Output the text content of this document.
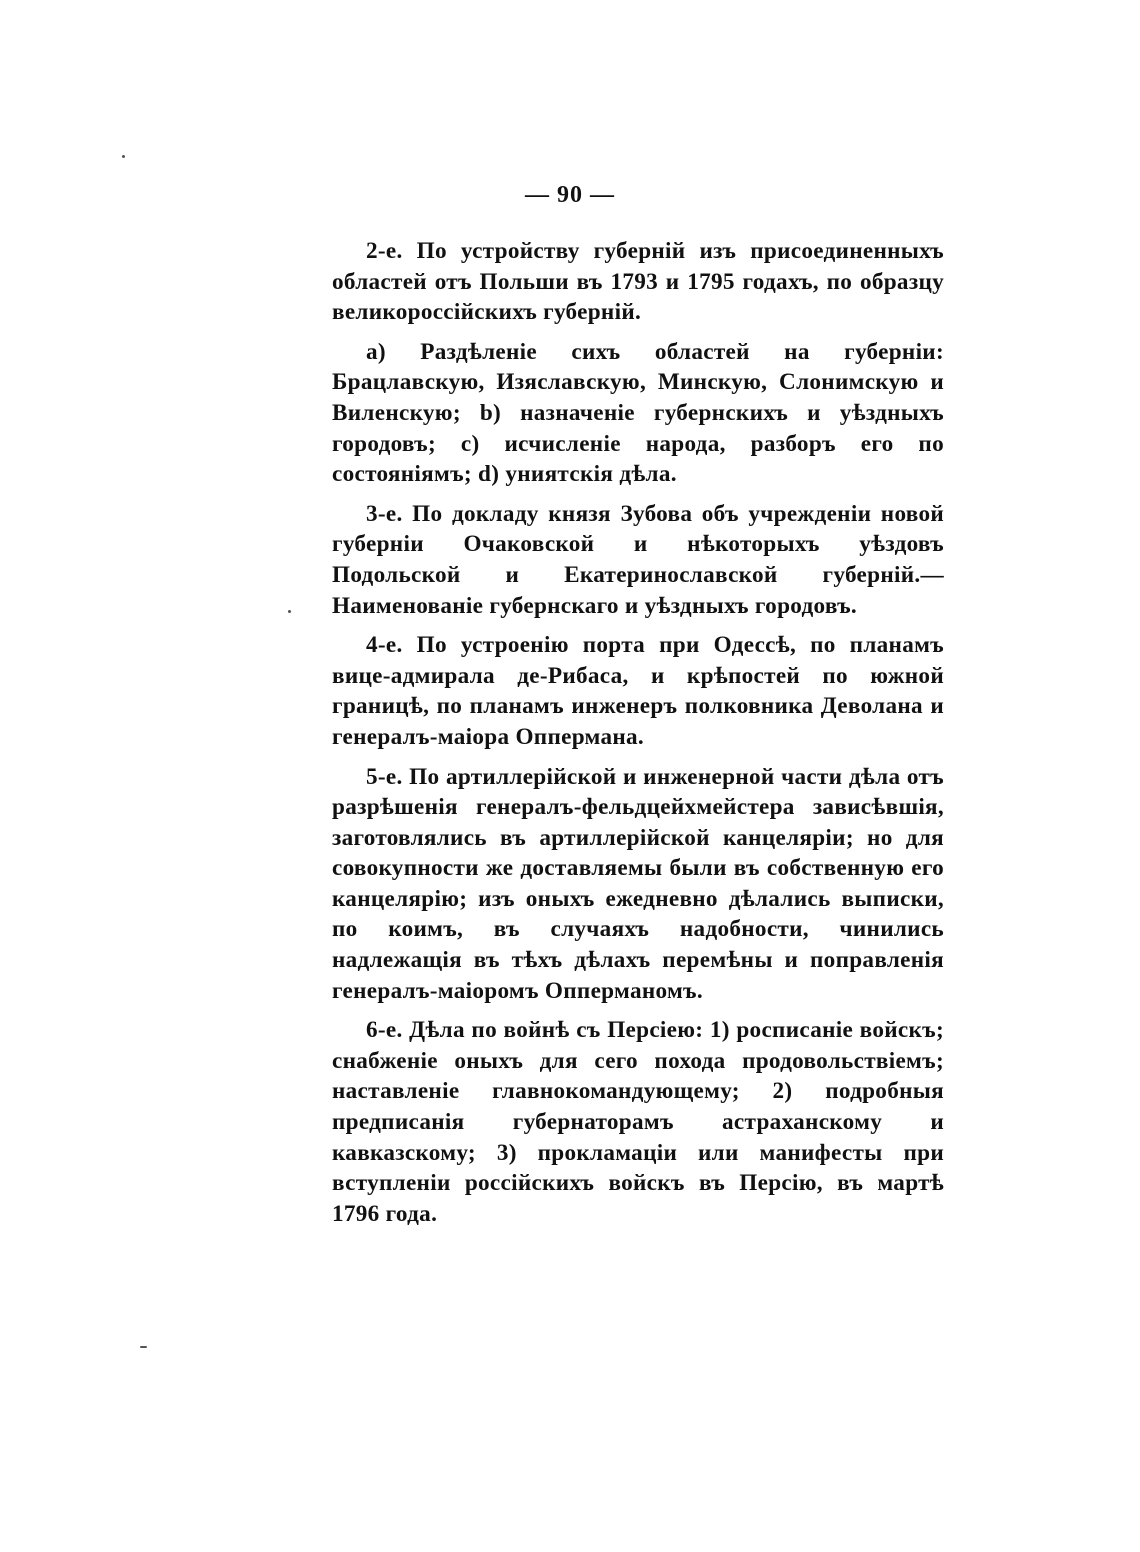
— 90 —

2-е. По устройству губерній изъ присоединенныхъ областей отъ Польши въ 1793 и 1795 годахъ, по образцу великороссійскихъ губерній.

а) Раздѣленіе сихъ областей на губерніи: Брацлавскую, Изяславскую, Минскую, Слонимскую и Виленскую; b) назначеніе губернскихъ и уѣздныхъ городовъ; с) исчисленіе народа, разборъ его по состояніямъ; d) униятскія дѣла.

3-е. По докладу князя Зубова объ учрежденіи новой губерніи Очаковской и нѣкоторыхъ уѣздовъ Подольской и Екатеринославской губерній.—Наименованіе губернскаго и уѣздныхъ городовъ.

4-е. По устроенію порта при Одессѣ, по планамъ вице-адмирала де-Рибаса, и крѣпостей по южной границѣ, по планамъ инженеръ полковника Деволана и генералъ-маіора Оппермана.

5-е. По артиллерійской и инженерной части дѣла отъ разрѣшенія генералъ-фельдцейхмейстера зависѣвшія, заготовлялись въ артиллерійской канцеляріи; но для совокупности же доставляемы были въ собственную его канцелярію; изъ оныхъ ежедневно дѣлались выписки, по коимъ, въ случаяхъ надобности, чинились надлежащія въ тѣхъ дѣлахъ перемѣны и поправленія генералъ-маіоромъ Опперманомъ.

6-е. Дѣла по войнѣ съ Персіею: 1) росписаніе войскъ; снабженіе оныхъ для сего похода продовольствіемъ; наставленіе главнокомандующему; 2) подробныя предписанія губернаторамъ астраханскому и кавказскому; 3) прокламаціи или манифесты при вступленіи россійскихъ войскъ въ Персію, въ мартѣ 1796 года.
